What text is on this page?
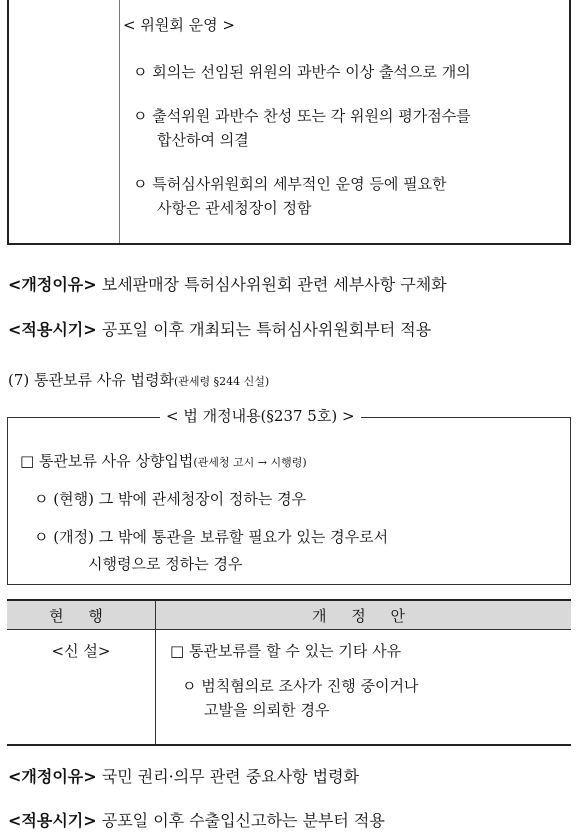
< 위원회 운영 >
ㅇ 회의는 선임된 위원의 과반수 이상 출석으로 개의
ㅇ 출석위원 과반수 찬성 또는 각 위원의 평가점수를
합산하여 의결
ㅇ 특허심사위원회의 세부적인 운영 등에 필요한
사항은 관세청장이 정함
<개정이유> 보세판매장 특허심사위원회 관련 세부사항 구체화
<적용시기> 공포일 이후 개최되는 특허심사위원회부터 적용
(7) 통관보류 사유 법령화(관세령 §244 신설)
< 법 개정내용(§237 5호) >
□ 통관보류 사유 상향입법(관세청 고시 → 시행령)
ㅇ (현행) 그 밖에 관세청장이 정하는 경우
ㅇ (개정) 그 밖에 통관을 보류할 필요가 있는 경우로서
시행령으로 정하는 경우
현 행	개 정 안
<신 설>	□ 통관보류를 할 수 있는 기타 사유
ㅇ 범칙혐의로 조사가 진행 중이거나
고발을 의뢰한 경우
<개정이유> 국민 권리·의무 관련 중요사항 법령화
<적용시기> 공포일 이후 수출입신고하는 분부터 적용
